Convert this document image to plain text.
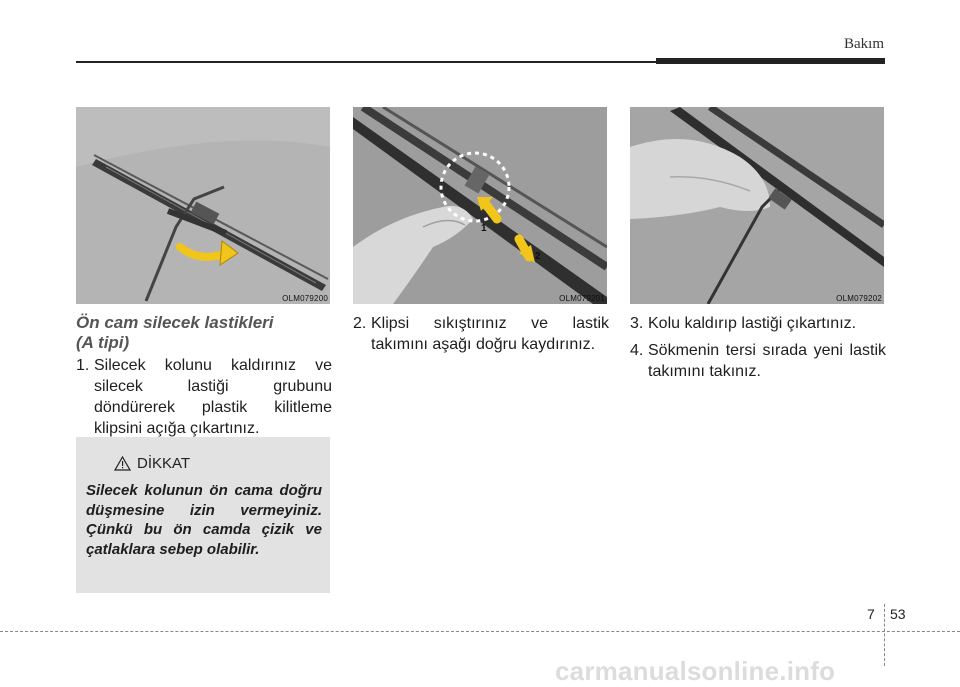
Bakım
OLM079200
1
2
OLM079201	OLM079202
Ön cam silecek lastikleri
(A tipi)
1. Silecek kolunu kaldırınız ve silecek lastiği grubunu döndürerek plastik kilitleme klipsini açığa çıkartınız.
DİKKAT
Silecek kolunun ön cama doğru düşmesine izin vermeyiniz. Çünkü bu ön camda çizik ve çatlaklara sebep olabilir.
2. Klipsi sıkıştırınız ve lastik takımını aşağı doğru kaydırınız.
3. Kolu kaldırıp lastiği çıkartınız.
4. Sökmenin tersi sırada yeni lastik takımını takınız.
7 53
carmanualsonline.info
